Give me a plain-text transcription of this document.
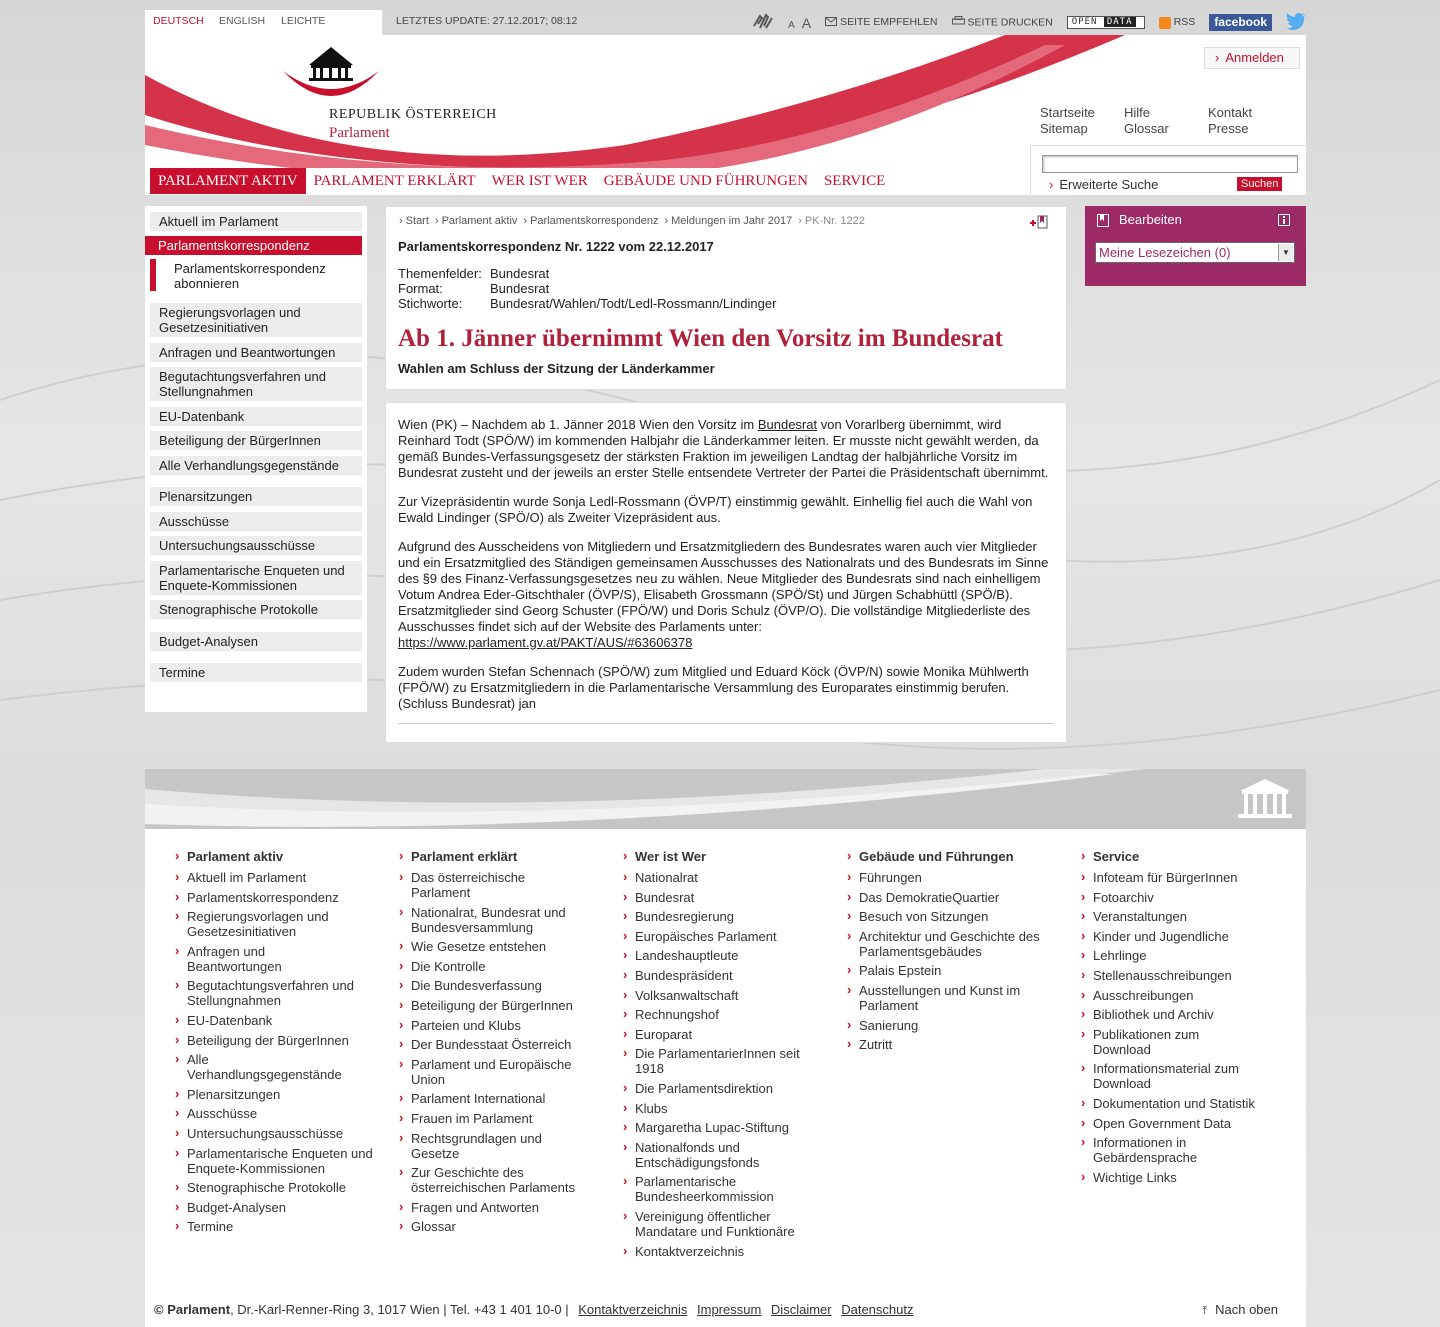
DEUTSCH	ENGLISH	LEICHTE	LETZTES UPDATE: 27.12.2017; 08:12	A A	SEITE EMPFEHLEN	SEITE DRUCKEN	OPEN DATA	RSS	facebook
REPUBLIK ÖSTERREICH
Parlament
› Anmelden
Startseite
Sitemap
Hilfe
Glossar
Kontakt
Presse
› Erweiterte Suche	Suchen
PARLAMENT AKTIV	PARLAMENT ERKLÄRT	WER IST WER	GEBÄUDE UND FÜHRUNGEN	SERVICE
Aktuell im Parlament
Parlamentskorrespondenz
Parlamentskorrespondenz abonnieren
Regierungsvorlagen und Gesetzesinitiativen
Anfragen und Beantwortungen
Begutachtungsverfahren und Stellungnahmen
EU-Datenbank
Beteiligung der BürgerInnen
Alle Verhandlungsgegenstände
Plenarsitzungen
Ausschüsse
Untersuchungsausschüsse
Parlamentarische Enqueten und Enquete-Kommissionen
Stenographische Protokolle
Budget-Analysen
Termine
› Start	› Parlament aktiv	› Parlamentskorrespondenz	› Meldungen im Jahr 2017	› PK-Nr. 1222
Parlamentskorrespondenz Nr. 1222 vom 22.12.2017
Themenfelder: Bundesrat
Format:	Bundesrat
Stichworte:	Bundesrat/Wahlen/Todt/Ledl-Rossmann/Lindinger
Ab 1. Jänner übernimmt Wien den Vorsitz im Bundesrat
Wahlen am Schluss der Sitzung der Länderkammer

Wien (PK) – Nachdem ab 1. Jänner 2018 Wien den Vorsitz im Bundesrat von Vorarlberg übernimmt, wird Reinhard Todt (SPÖ/W) im kommenden Halbjahr die Länderkammer leiten. Er musste nicht gewählt werden, da gemäß Bundes-Verfassungsgesetz der stärksten Fraktion im jeweiligen Landtag der halbjährliche Vorsitz im Bundesrat zusteht und der jeweils an erster Stelle entsendete Vertreter der Partei die Präsidentschaft übernimmt.

Zur Vizepräsidentin wurde Sonja Ledl-Rossmann (ÖVP/T) einstimmig gewählt. Einhellig fiel auch die Wahl von Ewald Lindinger (SPÖ/O) als Zweiter Vizepräsident aus.

Aufgrund des Ausscheidens von Mitgliedern und Ersatzmitgliedern des Bundesrates waren auch vier Mitglieder und ein Ersatzmitglied des Ständigen gemeinsamen Ausschusses des Nationalrats und des Bundesrats im Sinne des §9 des Finanz-Verfassungsgesetzes neu zu wählen. Neue Mitglieder des Bundesrats sind nach einhelligem Votum Andrea Eder-Gitschthaler (ÖVP/S), Elisabeth Grossmann (SPÖ/St) und Jürgen Schabhüttl (SPÖ/B). Ersatzmitglieder sind Georg Schuster (FPÖ/W) und Doris Schulz (ÖVP/O). Die vollständige Mitgliederliste des Ausschusses findet sich auf der Website des Parlaments unter:
https://www.parlament.gv.at/PAKT/AUS/#63606378

Zudem wurden Stefan Schennach (SPÖ/W) zum Mitglied und Eduard Köck (ÖVP/N) sowie Monika Mühlwerth (FPÖ/W) zu Ersatzmitgliedern in die Parlamentarische Versammlung des Europarates einstimmig berufen. (Schluss Bundesrat) jan

Bearbeiten
Meine Lesezeichen (0)	▼
› Parlament aktiv
› Aktuell im Parlament
› Parlamentskorrespondenz
› Regierungsvorlagen und Gesetzesinitiativen
› Anfragen und Beantwortungen
› Begutachtungsverfahren und Stellungnahmen
› EU-Datenbank
› Beteiligung der BürgerInnen
› Alle Verhandlungsgegenstände
› Plenarsitzungen
› Ausschüsse
› Untersuchungsausschüsse
› Parlamentarische Enqueten und Enquete-Kommissionen
› Stenographische Protokolle
› Budget-Analysen
› Termine
› Parlament erklärt
› Das österreichische Parlament
› Nationalrat, Bundesrat und Bundesversammlung
› Wie Gesetze entstehen
› Die Kontrolle
› Die Bundesverfassung
› Beteiligung der BürgerInnen
› Parteien und Klubs
› Der Bundesstaat Österreich
› Parlament und Europäische Union
› Parlament International
› Frauen im Parlament
› Rechtsgrundlagen und Gesetze
› Zur Geschichte des österreichischen Parlaments
› Fragen und Antworten
› Glossar
› Wer ist Wer
› Nationalrat
› Bundesrat
› Bundesregierung
› Europäisches Parlament
› Landeshauptleute
› Bundespräsident
› Volksanwaltschaft
› Rechnungshof
› Europarat
› Die ParlamentarierInnen seit 1918
› Die Parlamentsdirektion
› Klubs
› Margaretha Lupac-Stiftung
› Nationalfonds und Entschädigungsfonds
› Parlamentarische Bundesheerkommission
› Vereinigung öffentlicher Mandatare und Funktionäre
› Kontaktverzeichnis
› Gebäude und Führungen
› Führungen
› Das DemokratieQuartier
› Besuch von Sitzungen
› Architektur und Geschichte des Parlamentsgebäudes
› Palais Epstein
› Ausstellungen und Kunst im Parlament
› Sanierung
› Zutritt
› Service
› Infoteam für BürgerInnen
› Fotoarchiv
› Veranstaltungen
› Kinder und Jugendliche
› Lehrlinge
› Stellenausschreibungen
› Ausschreibungen
› Bibliothek und Archiv
› Publikationen zum Download
› Informationsmaterial zum Download
› Dokumentation und Statistik
› Open Government Data
› Informationen in Gebärdensprache
› Wichtige Links
© Parlament, Dr.-Karl-Renner-Ring 3, 1017 Wien | Tel. +43 1 401 10-0 | Kontaktverzeichnis Impressum Disclaimer Datenschutz	⤒ Nach oben
